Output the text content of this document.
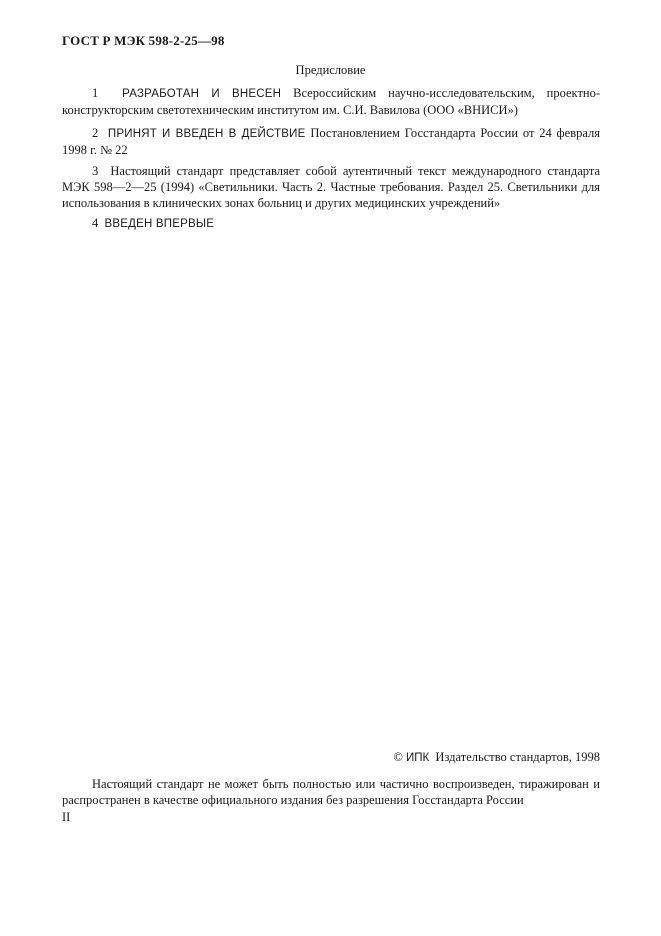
ГОСТ Р МЭК 598-2-25—98
Предисловие
1 РАЗРАБОТАН И ВНЕСЕН Всероссийским научно-исследовательским, проектно-конструкторским светотехническим институтом им. С.И. Вавилова (ООО «ВНИСИ»)
2 ПРИНЯТ И ВВЕДЕН В ДЕЙСТВИЕ Постановлением Госстандарта России от 24 февраля 1998 г. № 22
3 Настоящий стандарт представляет собой аутентичный текст международного стандарта МЭК 598—2—25 (1994) «Светильники. Часть 2. Частные требования. Раздел 25. Светильники для использования в клинических зонах больниц и других медицинских учреждений»
4 ВВЕДЕН ВПЕРВЫЕ
© ИПК Издательство стандартов, 1998
Настоящий стандарт не может быть полностью или частично воспроизведен, тиражирован и распространен в качестве официального издания без разрешения Госстандарта России
II
